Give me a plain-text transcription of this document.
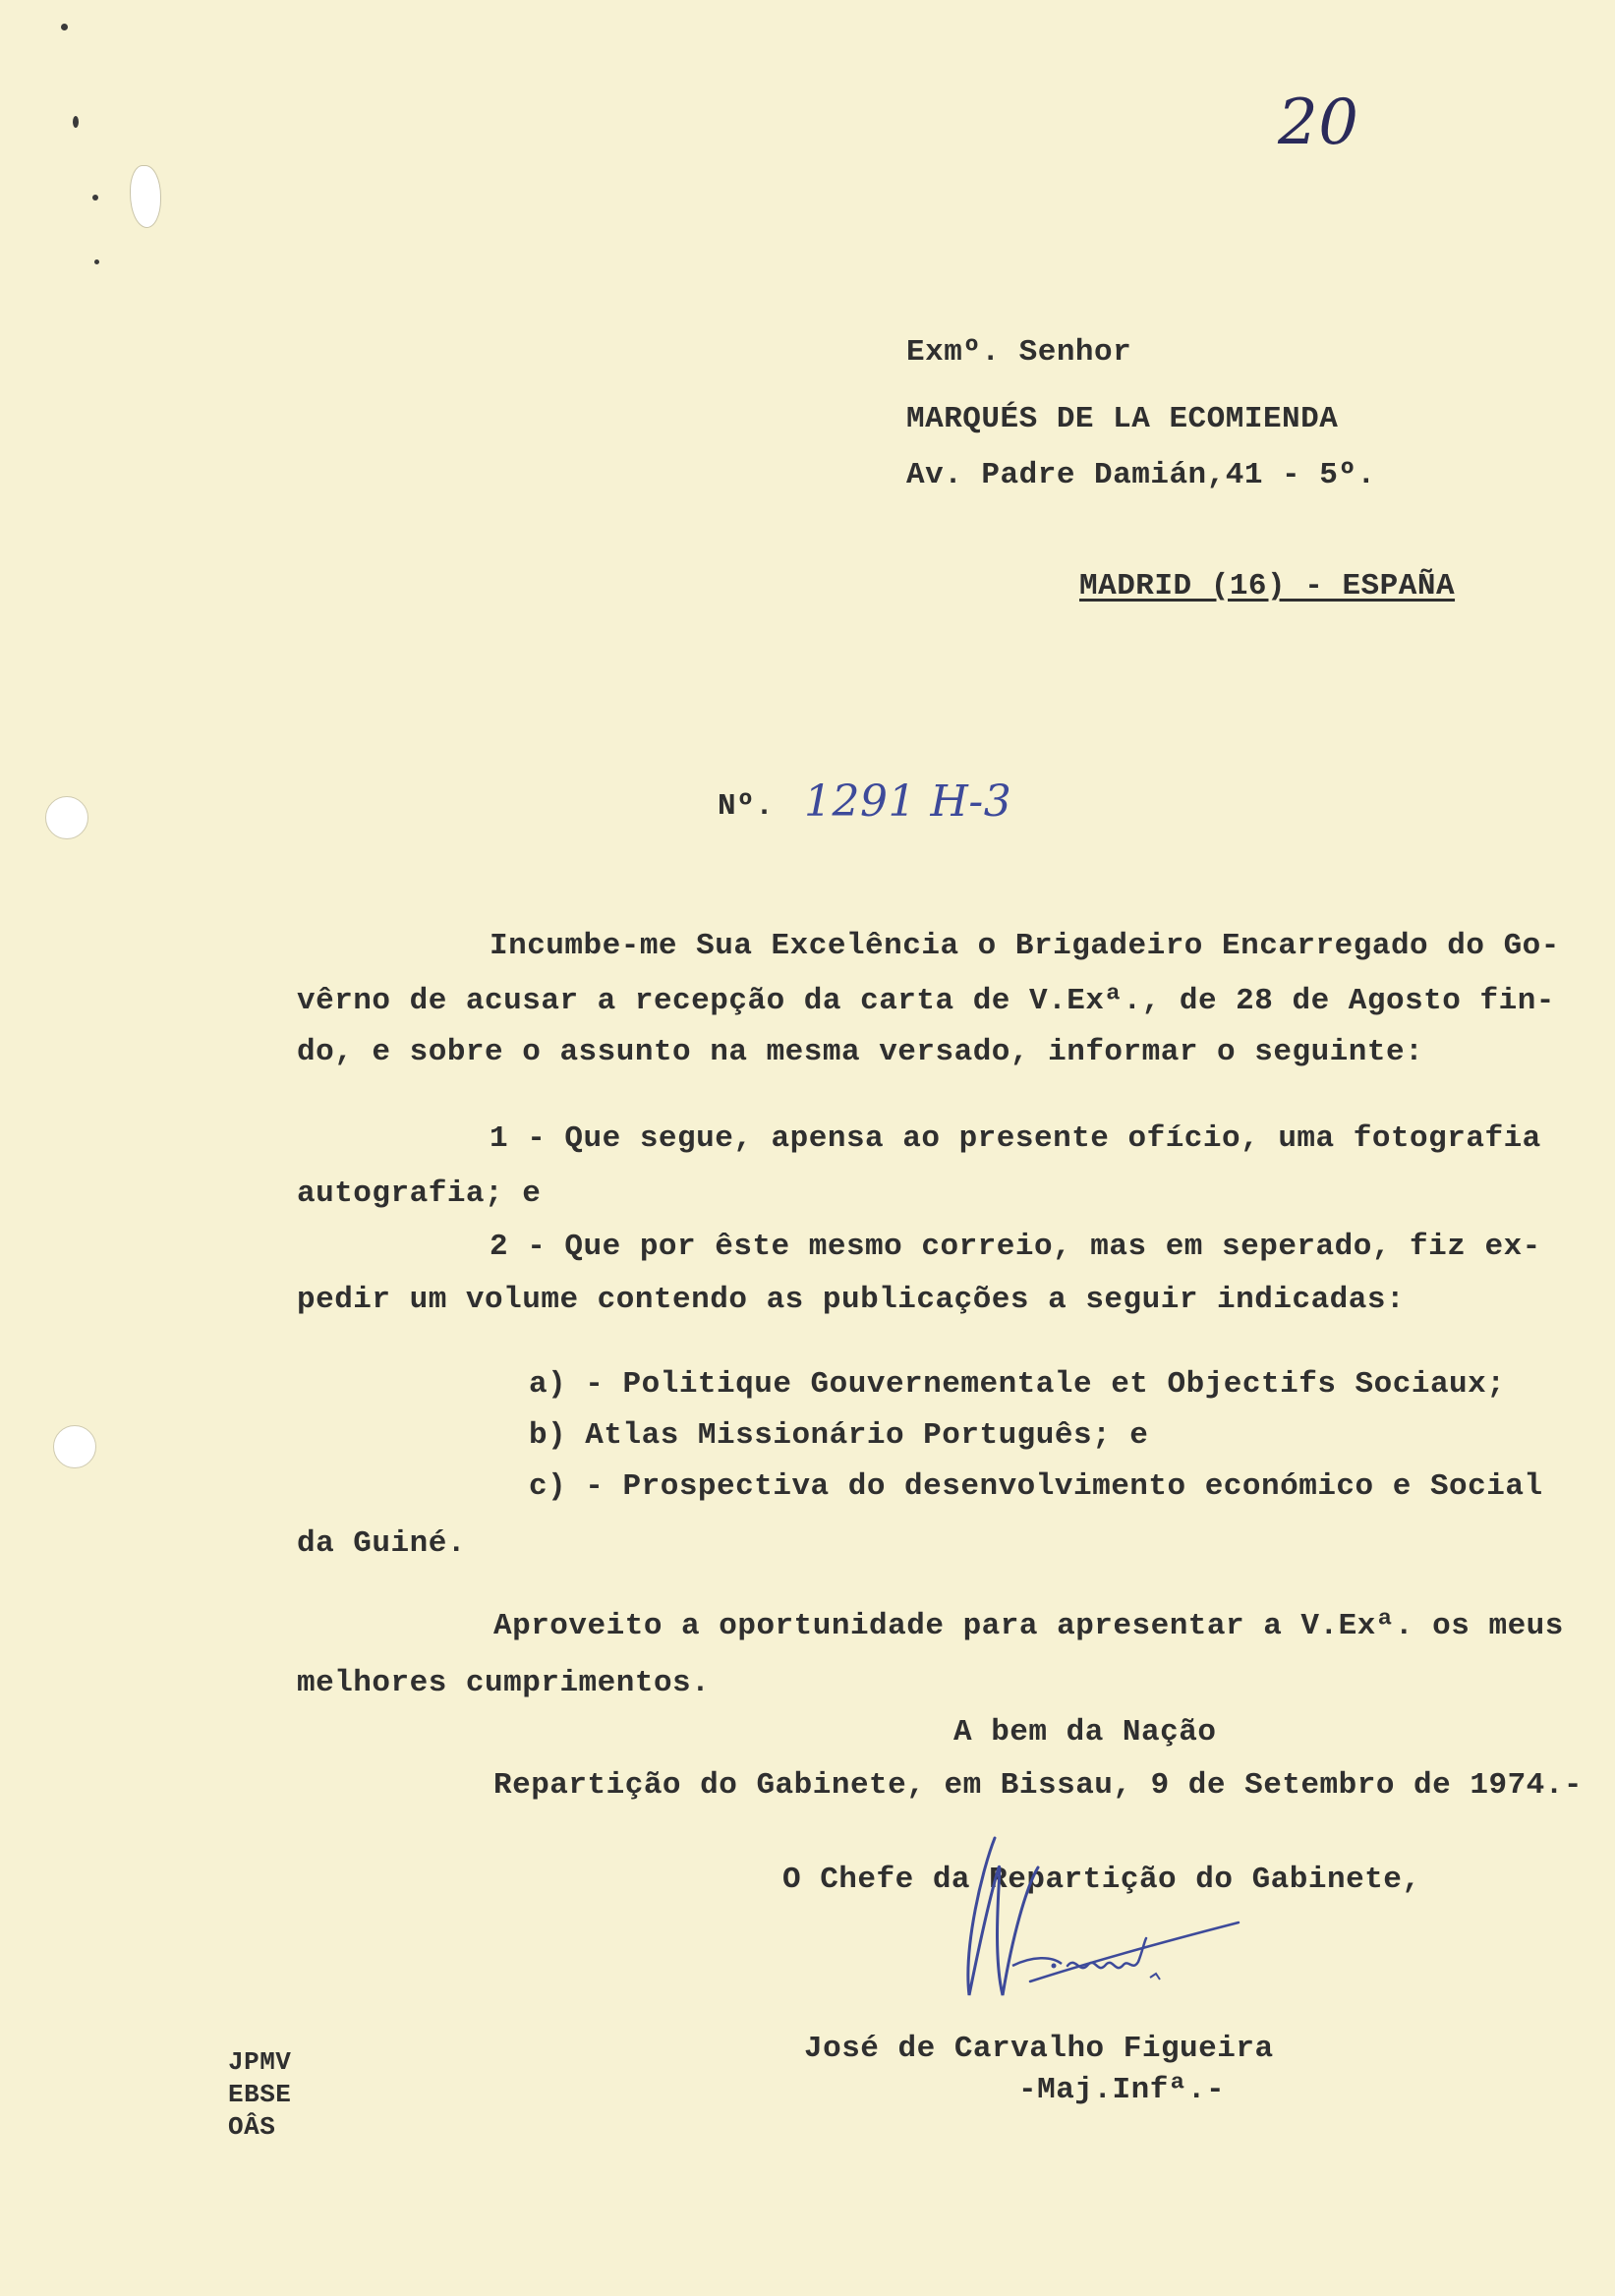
20

Exmº. Senhor

MARQUÉS DE LA ECOMIENDA

Av. Padre Damián,41 - 5º.

MADRID (16) - ESPAÑA

Nº. 1291 H-3

Incumbe-me Sua Excelência o Brigadeiro Encarregado do Go-

vêrno de acusar a recepção da carta de V.Exª., de 28 de Agosto fin-

do, e sobre o assunto na mesma versado, informar o seguinte:

1 - Que segue, apensa ao presente ofício, uma fotografia

autografia; e

2 - Que por êste mesmo correio, mas em seperado, fiz ex-

pedir um volume contendo as publicações a seguir indicadas:

a) - Politique Gouvernementale et Objectifs Sociaux;

b) Atlas Missionário Português; e

c) - Prospectiva do desenvolvimento económico e Social

da Guiné.

Aproveito a oportunidade para apresentar a V.Exª. os meus

melhores cumprimentos.

A bem da Nação

Repartição do Gabinete, em Bissau, 9 de Setembro de 1974.-

O Chefe da Repartição do Gabinete,

José de Carvalho Figueira

-Maj.Infª.-

JPMV
EBSE
OÂS
